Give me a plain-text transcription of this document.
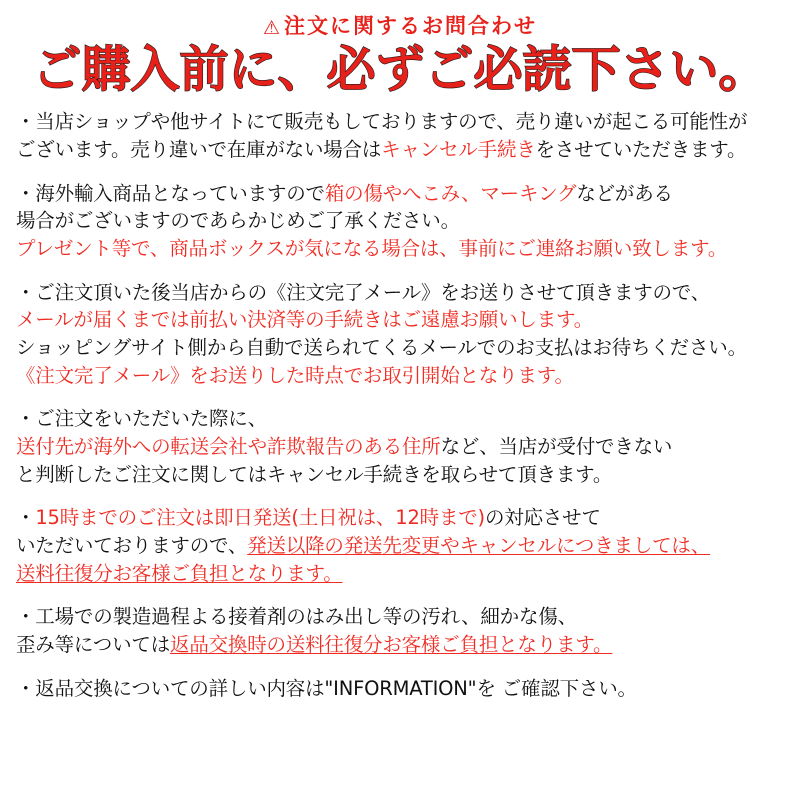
⚠ 注文に関するお問合わせ
ご購入前に、必ずご必読下さい。
・当店ショップや他サイトにて販売もしておりますので、売り違いが起こる可能性が
ございます。売り違いで在庫がない場合はキャンセル手続きをさせていただきます。
・海外輸入商品となっていますので箱の傷やへこみ、マーキングなどがある
場合がございますのであらかじめご了承ください。
プレゼント等で、商品ボックスが気になる場合は、事前にご連絡お願い致します。
・ご注文頂いた後当店からの《注文完了メール》をお送りさせて頂きますので、
メールが届くまでは前払い決済等の手続きはご遠慮お願いします。
ショッピングサイト側から自動で送られてくるメールでのお支払はお待ちください。
《注文完了メール》をお送りした時点でお取引開始となります。
・ご注文をいただいた際に、
送付先が海外への転送会社や詐欺報告のある住所など、当店が受付できない
と判断したご注文に関してはキャンセル手続きを取らせて頂きます。
・15時までのご注文は即日発送(土日祝は、12時まで)の対応させて
いただいておりますので、発送以降の発送先変更やキャンセルにつきましては、
送料往復分お客様ご負担となります。
・工場での製造過程よる接着剤のはみ出し等の汚れ、細かな傷、
歪み等については返品交換時の送料往復分お客様ご負担となります。
・返品交換についての詳しい内容は"INFORMATION"を ご確認下さい。
